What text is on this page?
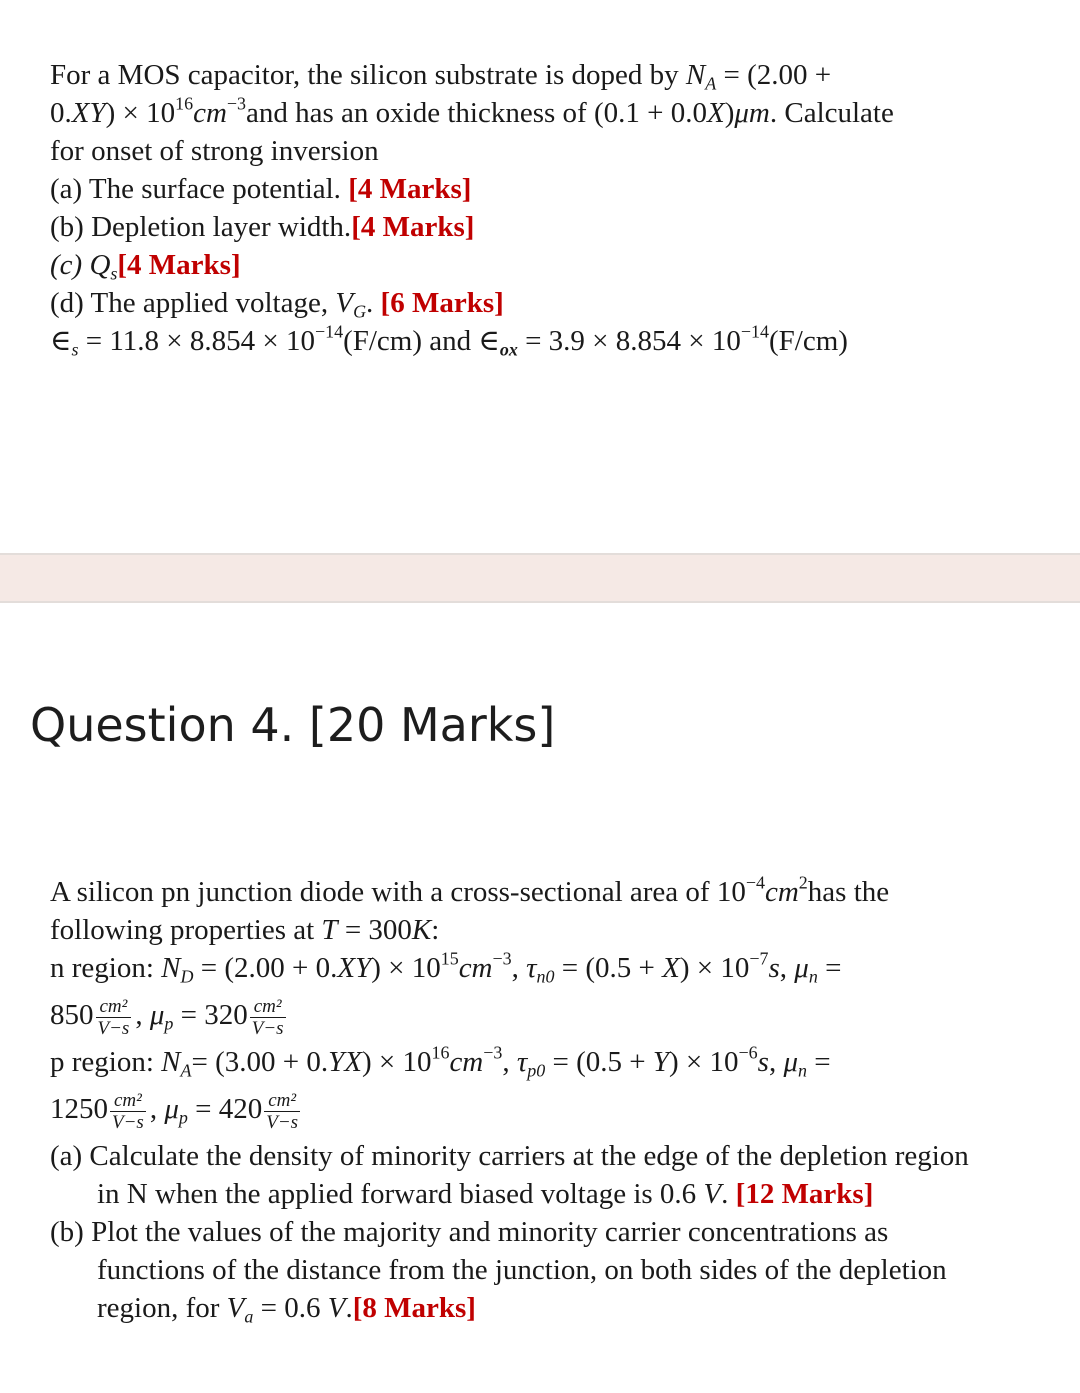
For a MOS capacitor, the silicon substrate is doped by $N_A = (2.00$ +
$0.XY) \times 10^{16}cm^{-3}and$ has an oxide thickness of (0.1 + 0.0X)μm. Calculate
for onset of strong inversion
(a) The surface potential. [4 Marks]
(b) Depletion layer width.[4 Marks]
(c) $Q_s[4$ Marks]
(d) The applied voltage, $V_G$. [6 Marks]
$\in_s = 11.8 \times 8.854 \times 10^{-14}(F/cm)$ and $\in_{ox} = 3.9 \times 8.854 \times 10^{-14}(F/cm)$
Question 4. [20 Marks]
A silicon pn junction diode with a cross-sectional area of $10^{-4}cm^2has$ the
following properties at T = 300K:
n region: $N_D = (2.00 + 0.XY) \times 10^{15}cm^{-3}$, $\tau_{n0} = (0.5 + X) \times 10^{-7}s$, $\mu_n$ =
$850 \frac{\text{cm²}}{V-s}$ , $\mu_p = 320 \frac{\text{cm²}}{V-s}$
p region: $N_A= (3.00 + 0.YX) \times 10^{16}cm^{-3}$, $\tau_{p0} = (0.5 + Y) \times 10^{-6}s$, $\mu_n$ =
$1250 \frac{\text{cm²}}{V-s}$ , $\mu_p = 420 \frac{\text{cm²}}{V-s}$
(a) Calculate the density of minority carriers at the edge of the depletion region
in N when the applied forward biased voltage is 0.6 V. [12 Marks]
(b) Plot the values of the majority and minority carrier concentrations as
functions of the distance from the junction, on both sides of the depletion
region, for $V_a = 0.6$ V.[8 Marks]
